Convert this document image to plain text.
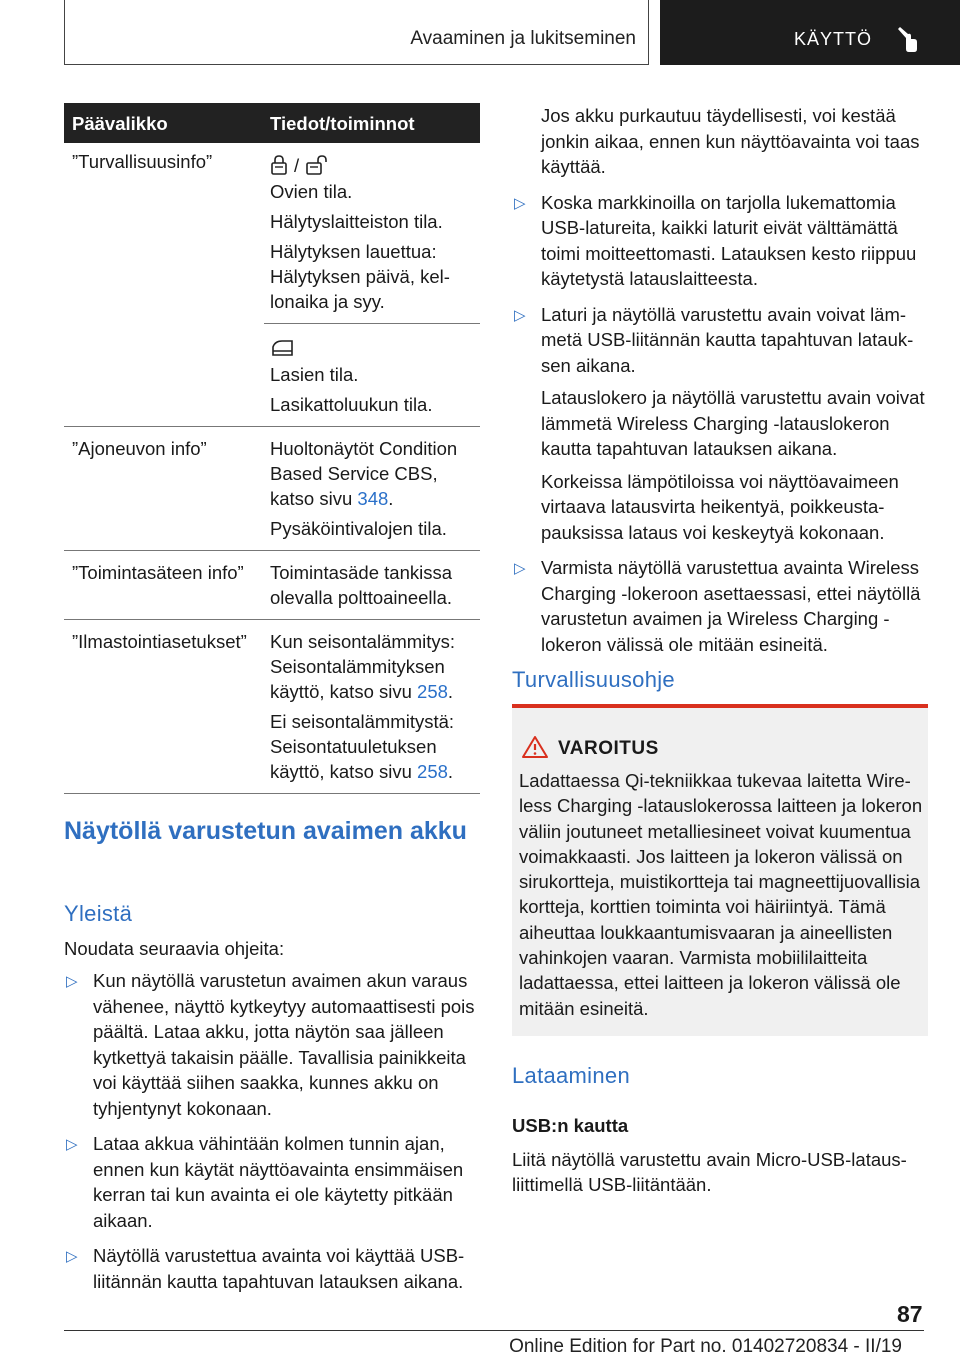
Avaaminen ja lukitseminen	KÄYTTÖ
Päävalikko	Tiedot/toiminnot
”Turvallisuusinfo”	/

Ovien tila.

Hälytyslaitteiston tila.

Hälytyksen lauettua: Hälytyksen päivä, kellonaika ja syy.

	Lasien tila.

Lasikattoluukun tila.

”Ajoneuvon info”	Huoltonäytöt Condition Based Service CBS, katso sivu 348.

Pysäköintivalojen tila.

”Toimintasäteen info”	Toimintasäde tankissa olevalla polttoaineella.

”Ilmastointiasetukset”	Kun seisontalämmitys: Seisontalämmityksen käyttö, katso sivu 258.

Ei seisontalämmitystä: Seisontatuuletuksen käyttö, katso sivu 258.

Näytöllä varustetun avaimen akku
Yleistä
Noudata seuraavia ohjeita:
▷ Kun näytöllä varustetun avaimen akun varaus vähenee, näyttö kytkeytyy automaattisesti pois päältä. Lataa akku, jotta näytön saa jälleen kytkettyä takaisin päälle. Tavallisia painikkeita voi käyttää siihen saakka, kunnes akku on tyhjentynyt kokonaan.
▷ Lataa akkua vähintään kolmen tunnin ajan, ennen kun käytät näyttöavainta ensimmäisen kerran tai kun avainta ei ole käytetty pitkään aikaan.
▷ Näytöllä varustettua avainta voi käyttää USB-liitännän kautta tapahtuvan latauksen aikana.

Jos akku purkautuu täydellisesti, voi kestää jonkin aikaa, ennen kun näyttöavainta voi taas käyttää.

▷ Koska markkinoilla on tarjolla lukemattomia USB-latureita, kaikki laturit eivät välttämättä toimi moitteettomasti. Latauksen kesto riippuu käytetystä latauslaitteesta.
▷ Laturi ja näytöllä varustettu avain voivat lämmetä USB-liitännän kautta tapahtuvan latauksen aikana.

Latauslokero ja näytöllä varustettu avain voivat lämmetä Wireless Charging -latauslokeron kautta tapahtuvan latauksen aikana.

Korkeissa lämpötiloissa voi näyttöavaimeen virtaava latausvirta heikentyä, poikkeustapauksissa lataus voi keskeytyä kokonaan.

▷ Varmista näytöllä varustettua avainta Wireless Charging -lokeroon asettaessasi, ettei näytöllä varustetun avaimen ja Wireless Charging -lokeron välissä ole mitään esineitä.
Turvallisuusohje
VAROITUS
Ladattaessa Qi-tekniikkaa tukevaa laitetta Wireless Charging -latauslokerossa laitteen ja lokeron väliin joutuneet metalliesineet voivat kuumentua voimakkaasti. Jos laitteen ja lokeron välissä on sirukortteja, muistikortteja tai magneettijuovallisia kortteja, korttien toiminta voi häiriintyä. Tämä aiheuttaa loukkaantumisvaaran ja aineellisten vahinkojen vaaran. Varmista mobiililaitteita ladattaessa, ettei laitteen ja lokeron välissä ole mitään esineitä.
Lataaminen
USB:n kautta
Liitä näytöllä varustettu avain Micro-USB-latausliittimellä USB-liitäntään.
87
Online Edition for Part no. 01402720834 - II/19
